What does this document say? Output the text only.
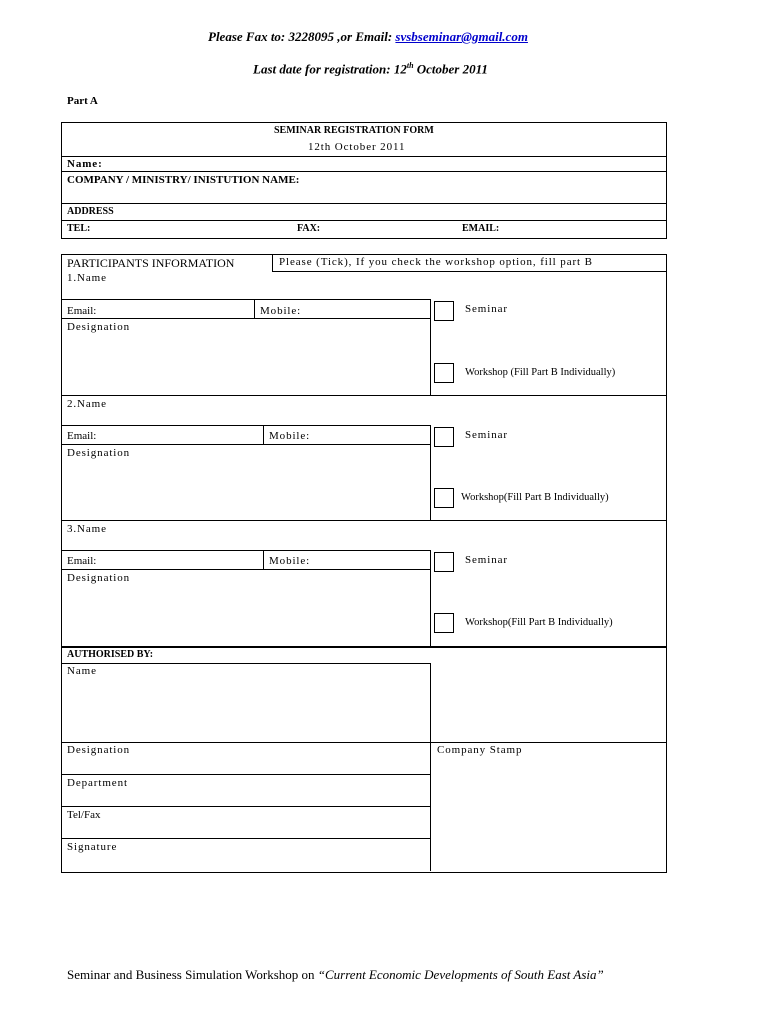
Please Fax to: 3228095 ,or Email: svsbseminar@gmail.com
Last date for registration: 12th October 2011
Part A
SEMINAR REGISTRATION FORM
12th October 2011
Name:
COMPANY / MINISTRY/ INISTUTION NAME:
ADDRESS
TEL:	FAX:	EMAIL:
PARTICIPANTS INFORMATION	Please (Tick), If you check the workshop option, fill part B
1.Name
Email:	Mobile:
Designation
Seminar
Workshop (Fill Part B Individually)
2.Name
Email:	Mobile:
Designation
Seminar
Workshop(Fill Part B Individually)
3.Name
Email:	Mobile:
Designation
Seminar
Workshop(Fill Part B Individually)
AUTHORISED BY:
Name
Designation	Company Stamp
Department
Tel/Fax
Signature
Seminar and Business Simulation Workshop on “Current Economic Developments of South East Asia”
